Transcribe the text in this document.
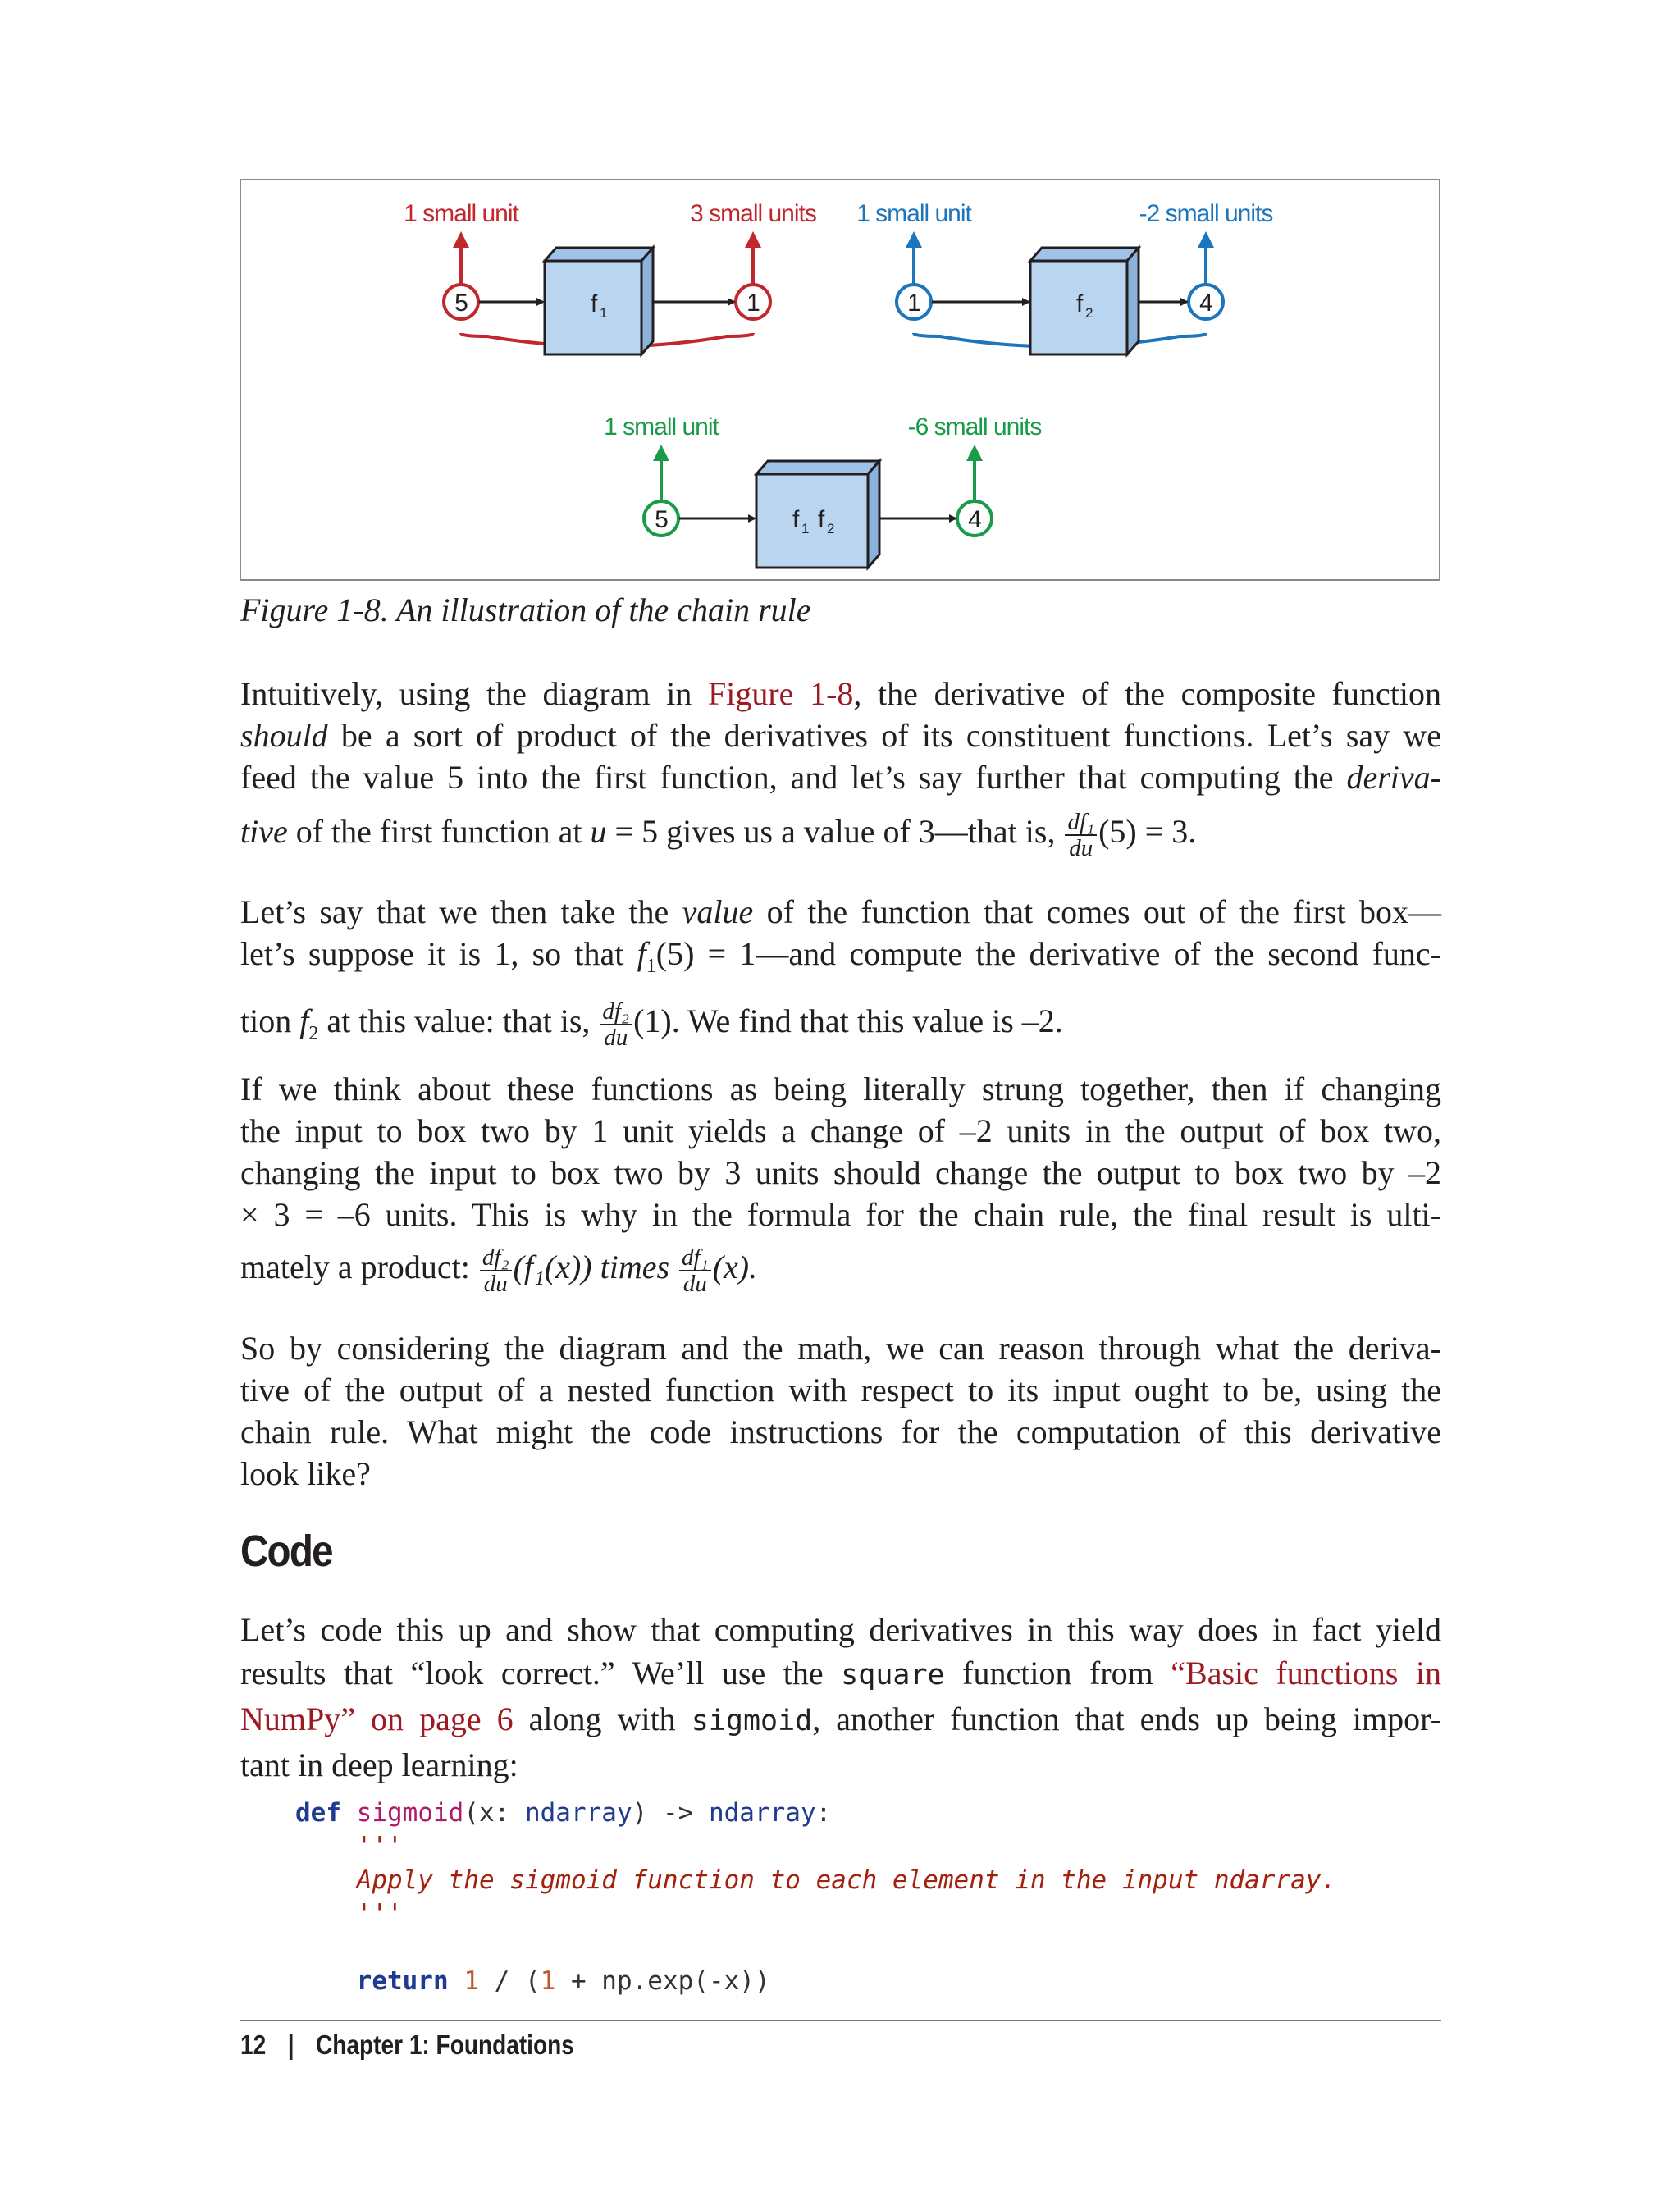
1 small unit	3 small units
5	1
f 1
1 small unit	-2 small units
1	4
f 2
1 small unit	-6 small units
5	4
f 1 f 2
Figure 1-8. An illustration of the chain rule
Intuitively, using the diagram in Figure 1-8, the derivative of the composite function
should be a sort of product of the derivatives of its constituent functions. Let’s say we
feed the value 5 into the first function, and let’s say further that computing the deriva-
tive of the first function at u = 5 gives us a value of 3—that is, $\frac{\text{df₁}}{du} (5) = 3$.
Let’s say that we then take the value of the function that comes out of the first box—
let’s suppose it is 1, so that $f_1(5)$ = 1—and compute the derivative of the second func-
tion $f_2$ at this value: that is, $\frac{\text{df₂}}{du} (1)$. We find that this value is –2.
If we think about these functions as being literally strung together, then if changing
the input to box two by 1 unit yields a change of –2 units in the output of box two,
changing the input to box two by 3 units should change the output to box two by –2
× 3 = –6 units. This is why in the formula for the chain rule, the final result is ulti-
mately a product: $\frac{\text{df₂}}{du} (f_1(x))$ times $\frac{\text{df₁}}{du} (x)$.
So by considering the diagram and the math, we can reason through what the deriva-
tive of the output of a nested function with respect to its input ought to be, using the
chain rule. What might the code instructions for the computation of this derivative
look like?
Code
Let’s code this up and show that computing derivatives in this way does in fact yield
results that “look correct.” We’ll use the square function from “Basic functions in
NumPy” on page 6 along with sigmoid, another function that ends up being impor-
tant in deep learning:
def sigmoid(x: ndarray) -> ndarray:
'''
Apply the sigmoid function to each element in the input ndarray.
'''

return 1 / (1 + np.exp(-x))
12 | Chapter 1: Foundations
